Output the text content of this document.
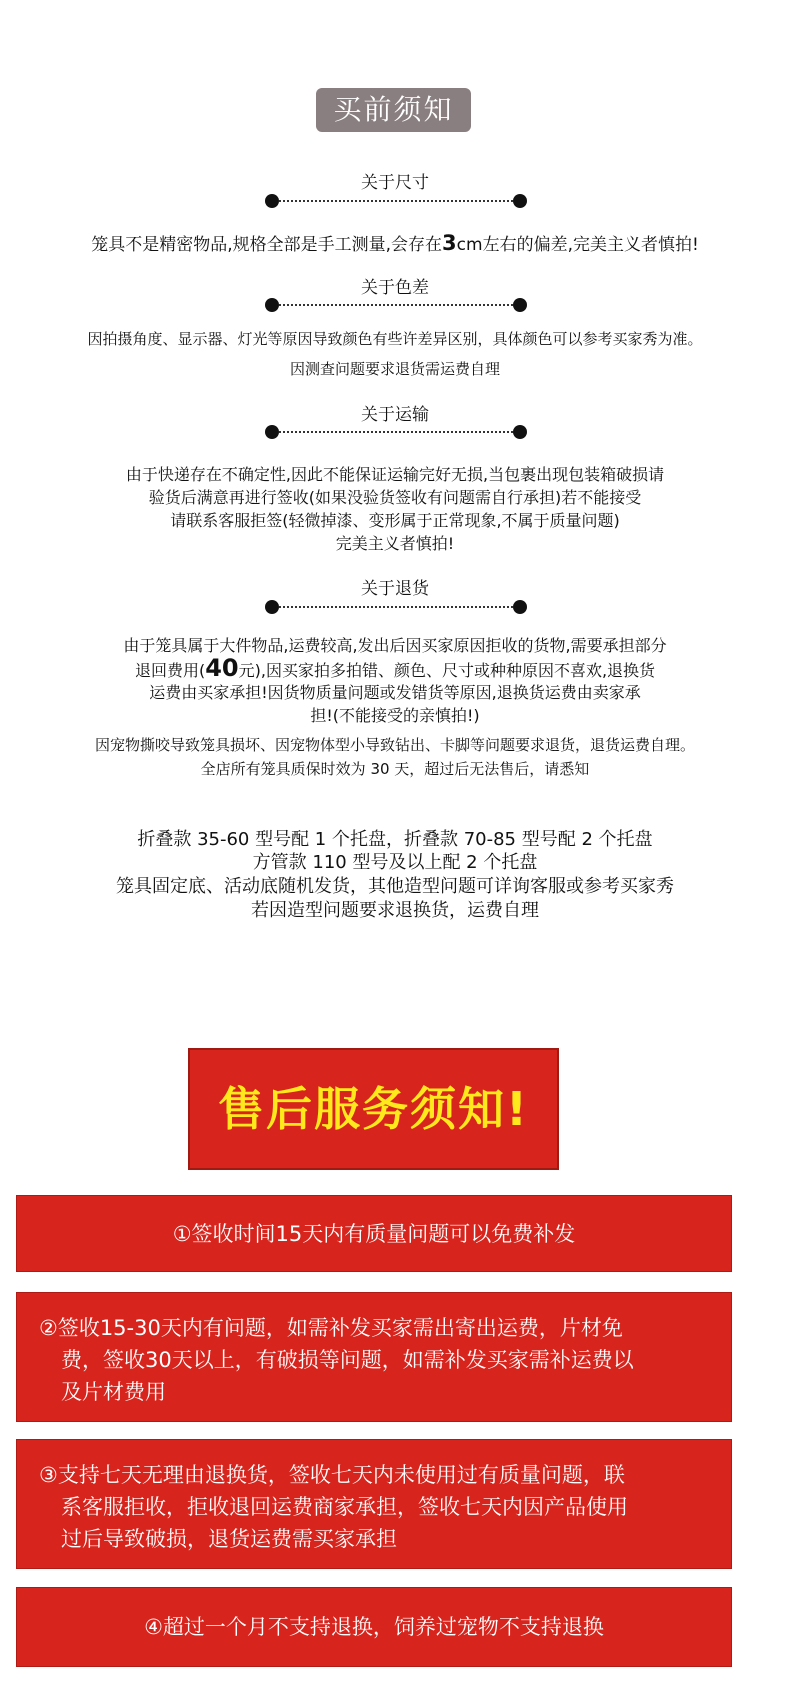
买前须知
关于尺寸
笼具不是精密物品,规格全部是手工测量,会存在3cm左右的偏差,完美主义者慎拍!
关于色差
因拍摄角度、显示器、灯光等原因导致颜色有些许差异区别，具体颜色可以参考买家秀为准。
因测查问题要求退货需运费自理
关于运输
由于快递存在不确定性,因此不能保证运输完好无损,当包裹出现包装箱破损请
验货后满意再进行签收(如果没验货签收有问题需自行承担)若不能接受
请联系客服拒签(轻微掉漆、变形属于正常现象,不属于质量问题)
完美主义者慎拍!
关于退货
由于笼具属于大件物品,运费较高,发出后因买家原因拒收的货物,需要承担部分
退回费用(40元),因买家拍多拍错、颜色、尺寸或种种原因不喜欢,退换货
运费由买家承担!因货物质量问题或发错货等原因,退换货运费由卖家承
担!(不能接受的亲慎拍!)
因宠物撕咬导致笼具损坏、因宠物体型小导致钻出、卡脚等问题要求退货，退货运费自理。
全店所有笼具质保时效为 30 天，超过后无法售后，请悉知
折叠款 35-60 型号配 1 个托盘，折叠款 70-85 型号配 2 个托盘
方管款 110 型号及以上配 2 个托盘
笼具固定底、活动底随机发货，其他造型问题可详询客服或参考买家秀
若因造型问题要求退换货，运费自理
售后服务须知!

①签收时间15天内有质量问题可以免费补发

②签收15-30天内有问题，如需补发买家需出寄出运费，片材免

费，签收30天以上，有破损等问题，如需补发买家需补运费以

及片材费用

③支持七天无理由退换货，签收七天内未使用过有质量问题，联

系客服拒收，拒收退回运费商家承担，签收七天内因产品使用

过后导致破损，退货运费需买家承担

④超过一个月不支持退换，饲养过宠物不支持退换
